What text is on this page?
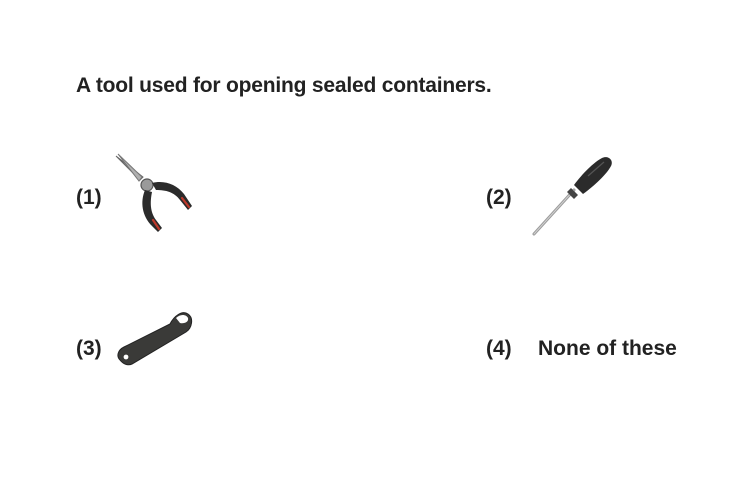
A tool used for opening sealed containers.
(1)	(2)
(3)	(4) None of these
